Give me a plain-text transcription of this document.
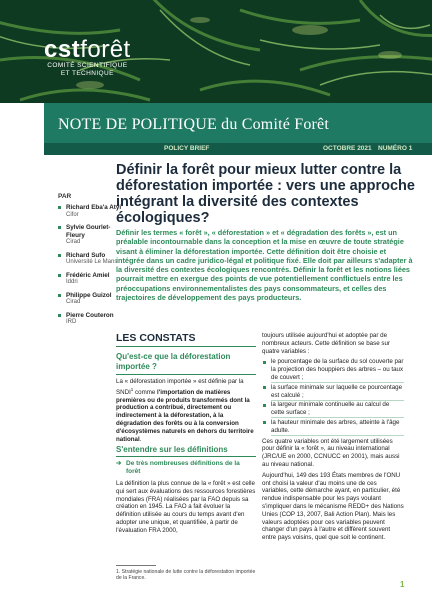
cstforêt
COMITÉ SCIENTIFIQUE
ET TECHNIQUE
NOTE DE POLITIQUE du Comité Forêt
POLICY BRIEF	OCTOBRE 2021 NUMÉRO 1
Définir la forêt pour mieux lutter contre la déforestation importée : vers une approche intégrant la diversité des contextes écologiques?
Définir les termes « forêt », « déforestation » et « dégradation des forêts », est un préalable incontournable dans la conception et la mise en œuvre de toute stratégie visant à éliminer la déforestation importée. Cette définition doit être choisie et intégrée dans un cadre juridico-légal et politique fixé. Elle doit par ailleurs s'adapter à la diversité des contextes écologiques rencontrés. Définir la forêt et les notions liées pourrait mettre en exergue des points de vue potentiellement conflictuels entre les préoccupations environnementalistes des pays consommateurs, et celles des trajectoires de développement des pays producteurs.
PAR
Richard Eba'a Atyi
Cifor
Sylvie Gourlet-Fleury
Cirad
Richard Sufo
Université Le Mans
Frédéric Amiel
Iddri
Philippe Guizol
Cirad
Pierre Couteron
IRD
LES CONSTATS
Qu'est-ce que la déforestation importée ?
La « déforestation importée » est définie par la SNDI$^1$ comme l'importation de matières premières ou de produits transformés dont la production a contribué, directement ou indirectement à la déforestation, à la dégradation des forêts ou à la conversion d'écosystèmes naturels en dehors du territoire national.
S'entendre sur les définitions
➔ De très nombreuses définitions de la forêt
La définition la plus connue de la « forêt » est celle qui sert aux évaluations des ressources forestières mondiales (FRA) réalisées par la FAO depuis sa création en 1945. La FAO a fait évoluer la définition utilisée au cours du temps avant d'en adopter une unique, et quantifiée, à partir de l'évaluation FRA 2000,
1. Stratégie nationale de lutte contre la déforestation importée de la France.

toujours utilisée aujourd'hui et adoptée par de nombreux acteurs. Cette définition se base sur quatre variables :

le pourcentage de la surface du sol couverte par la projection des houppiers des arbres – ou taux de couvert ;
la surface minimale sur laquelle ce pourcentage est calculé ;
la largeur minimale continuelle au calcul de cette surface ;
la hauteur minimale des arbres, atteinte à l'âge adulte.

Ces quatre variables ont été largement utilisées pour définir la « forêt », au niveau international (JRC/UE en 2000, CCNUCC en 2001), mais aussi au niveau national.

Aujourd'hui, 149 des 193 États membres de l'ONU ont choisi la valeur d'au moins une de ces variables, cette démarche ayant, en particulier, été rendue indispensable pour les pays voulant s'impliquer dans le mécanisme REDD+ des Nations Unies (COP 13, 2007, Bali Action Plan). Mais les valeurs adoptées pour ces variables peuvent changer d'un pays à l'autre et diffèrent souvent entre pays voisins, quel que soit le continent.

1
